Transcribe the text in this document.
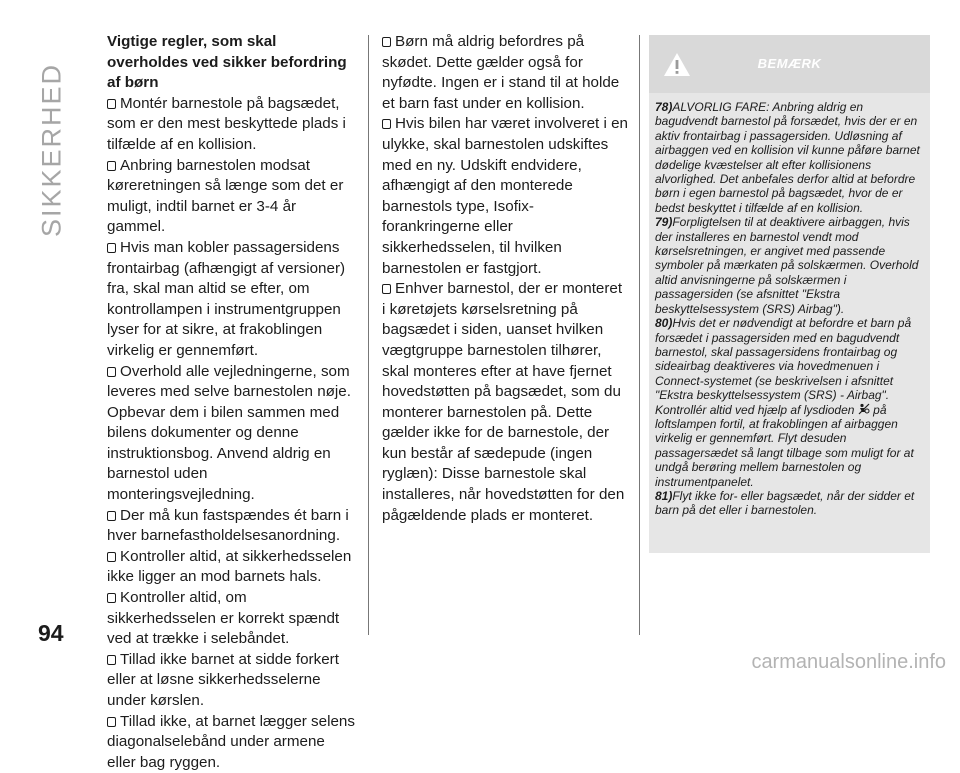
SIKKERHED
94
Vigtige regler, som skal overholdes ved sikker befordring af børn
Montér barnestole på bagsædet, som er den mest beskyttede plads i tilfælde af en kollision.
Anbring barnestolen modsat køreretningen så længe som det er muligt, indtil barnet er 3-4 år gammel.
Hvis man kobler passagersidens frontairbag (afhængigt af versioner) fra, skal man altid se efter, om kontrollampen i instrumentgruppen lyser for at sikre, at frakoblingen virkelig er gennemført.
Overhold alle vejledningerne, som leveres med selve barnestolen nøje. Opbevar dem i bilen sammen med bilens dokumenter og denne instruktionsbog. Anvend aldrig en barnestol uden monteringsvejledning.
Der må kun fastspændes ét barn i hver barnefastholdelsesanordning.
Kontroller altid, at sikkerhedsselen ikke ligger an mod barnets hals.
Kontroller altid, om sikkerhedsselen er korrekt spændt ved at trække i selebåndet.
Tillad ikke barnet at sidde forkert eller at løsne sikkerhedsselerne under kørslen.
Tillad ikke, at barnet lægger selens diagonalselebånd under armene eller bag ryggen.
Børn må aldrig befordres på skødet. Dette gælder også for nyfødte. Ingen er i stand til at holde et barn fast under en kollision.
Hvis bilen har været involveret i en ulykke, skal barnestolen udskiftes med en ny. Udskift endvidere, afhængigt af den monterede barnestols type, Isofix-forankringerne eller sikkerhedsselen, til hvilken barnestolen er fastgjort.
Enhver barnestol, der er monteret i køretøjets kørselsretning på bagsædet i siden, uanset hvilken vægtgruppe barnestolen tilhører, skal monteres efter at have fjernet hovedstøtten på bagsædet, som du monterer barnestolen på. Dette gælder ikke for de barnestole, der kun består af sædepude (ingen ryglæn): Disse barnestole skal installeres, når hovedstøtten for den pågældende plads er monteret.
BEMÆRK
78)ALVORLIG FARE: Anbring aldrig en bagudvendt barnestol på forsædet, hvis der er en aktiv frontairbag i passagersiden. Udløsning af airbaggen ved en kollision vil kunne påføre barnet dødelige kvæstelser alt efter kollisionens alvorlighed. Det anbefales derfor altid at befordre børn i egen barnestol på bagsædet, hvor de er bedst beskyttet i tilfælde af en kollision.
79)Forpligtelsen til at deaktivere airbaggen, hvis der installeres en barnestol vendt mod kørselsretningen, er angivet med passende symboler på mærkaten på solskærmen. Overhold altid anvisningerne på solskærmen i passagersiden (se afsnittet "Ekstra beskyttelsessystem (SRS) Airbag").
80)Hvis det er nødvendigt at befordre et barn på forsædet i passagersiden med en bagudvendt barnestol, skal passagersidens frontairbag og sideairbag deaktiveres via hovedmenuen i Connect-systemet (se beskrivelsen i afsnittet "Ekstra beskyttelsessystem (SRS) - Airbag". Kontrollér altid ved hjælp af lysdioden på loftslampen fortil, at frakoblingen af airbaggen virkelig er gennemført. Flyt desuden passagersædet så langt tilbage som muligt for at undgå berøring mellem barnestolen og instrumentpanelet.
81)Flyt ikke for- eller bagsædet, når der sidder et barn på det eller i barnestolen.
carmanualsonline.info
